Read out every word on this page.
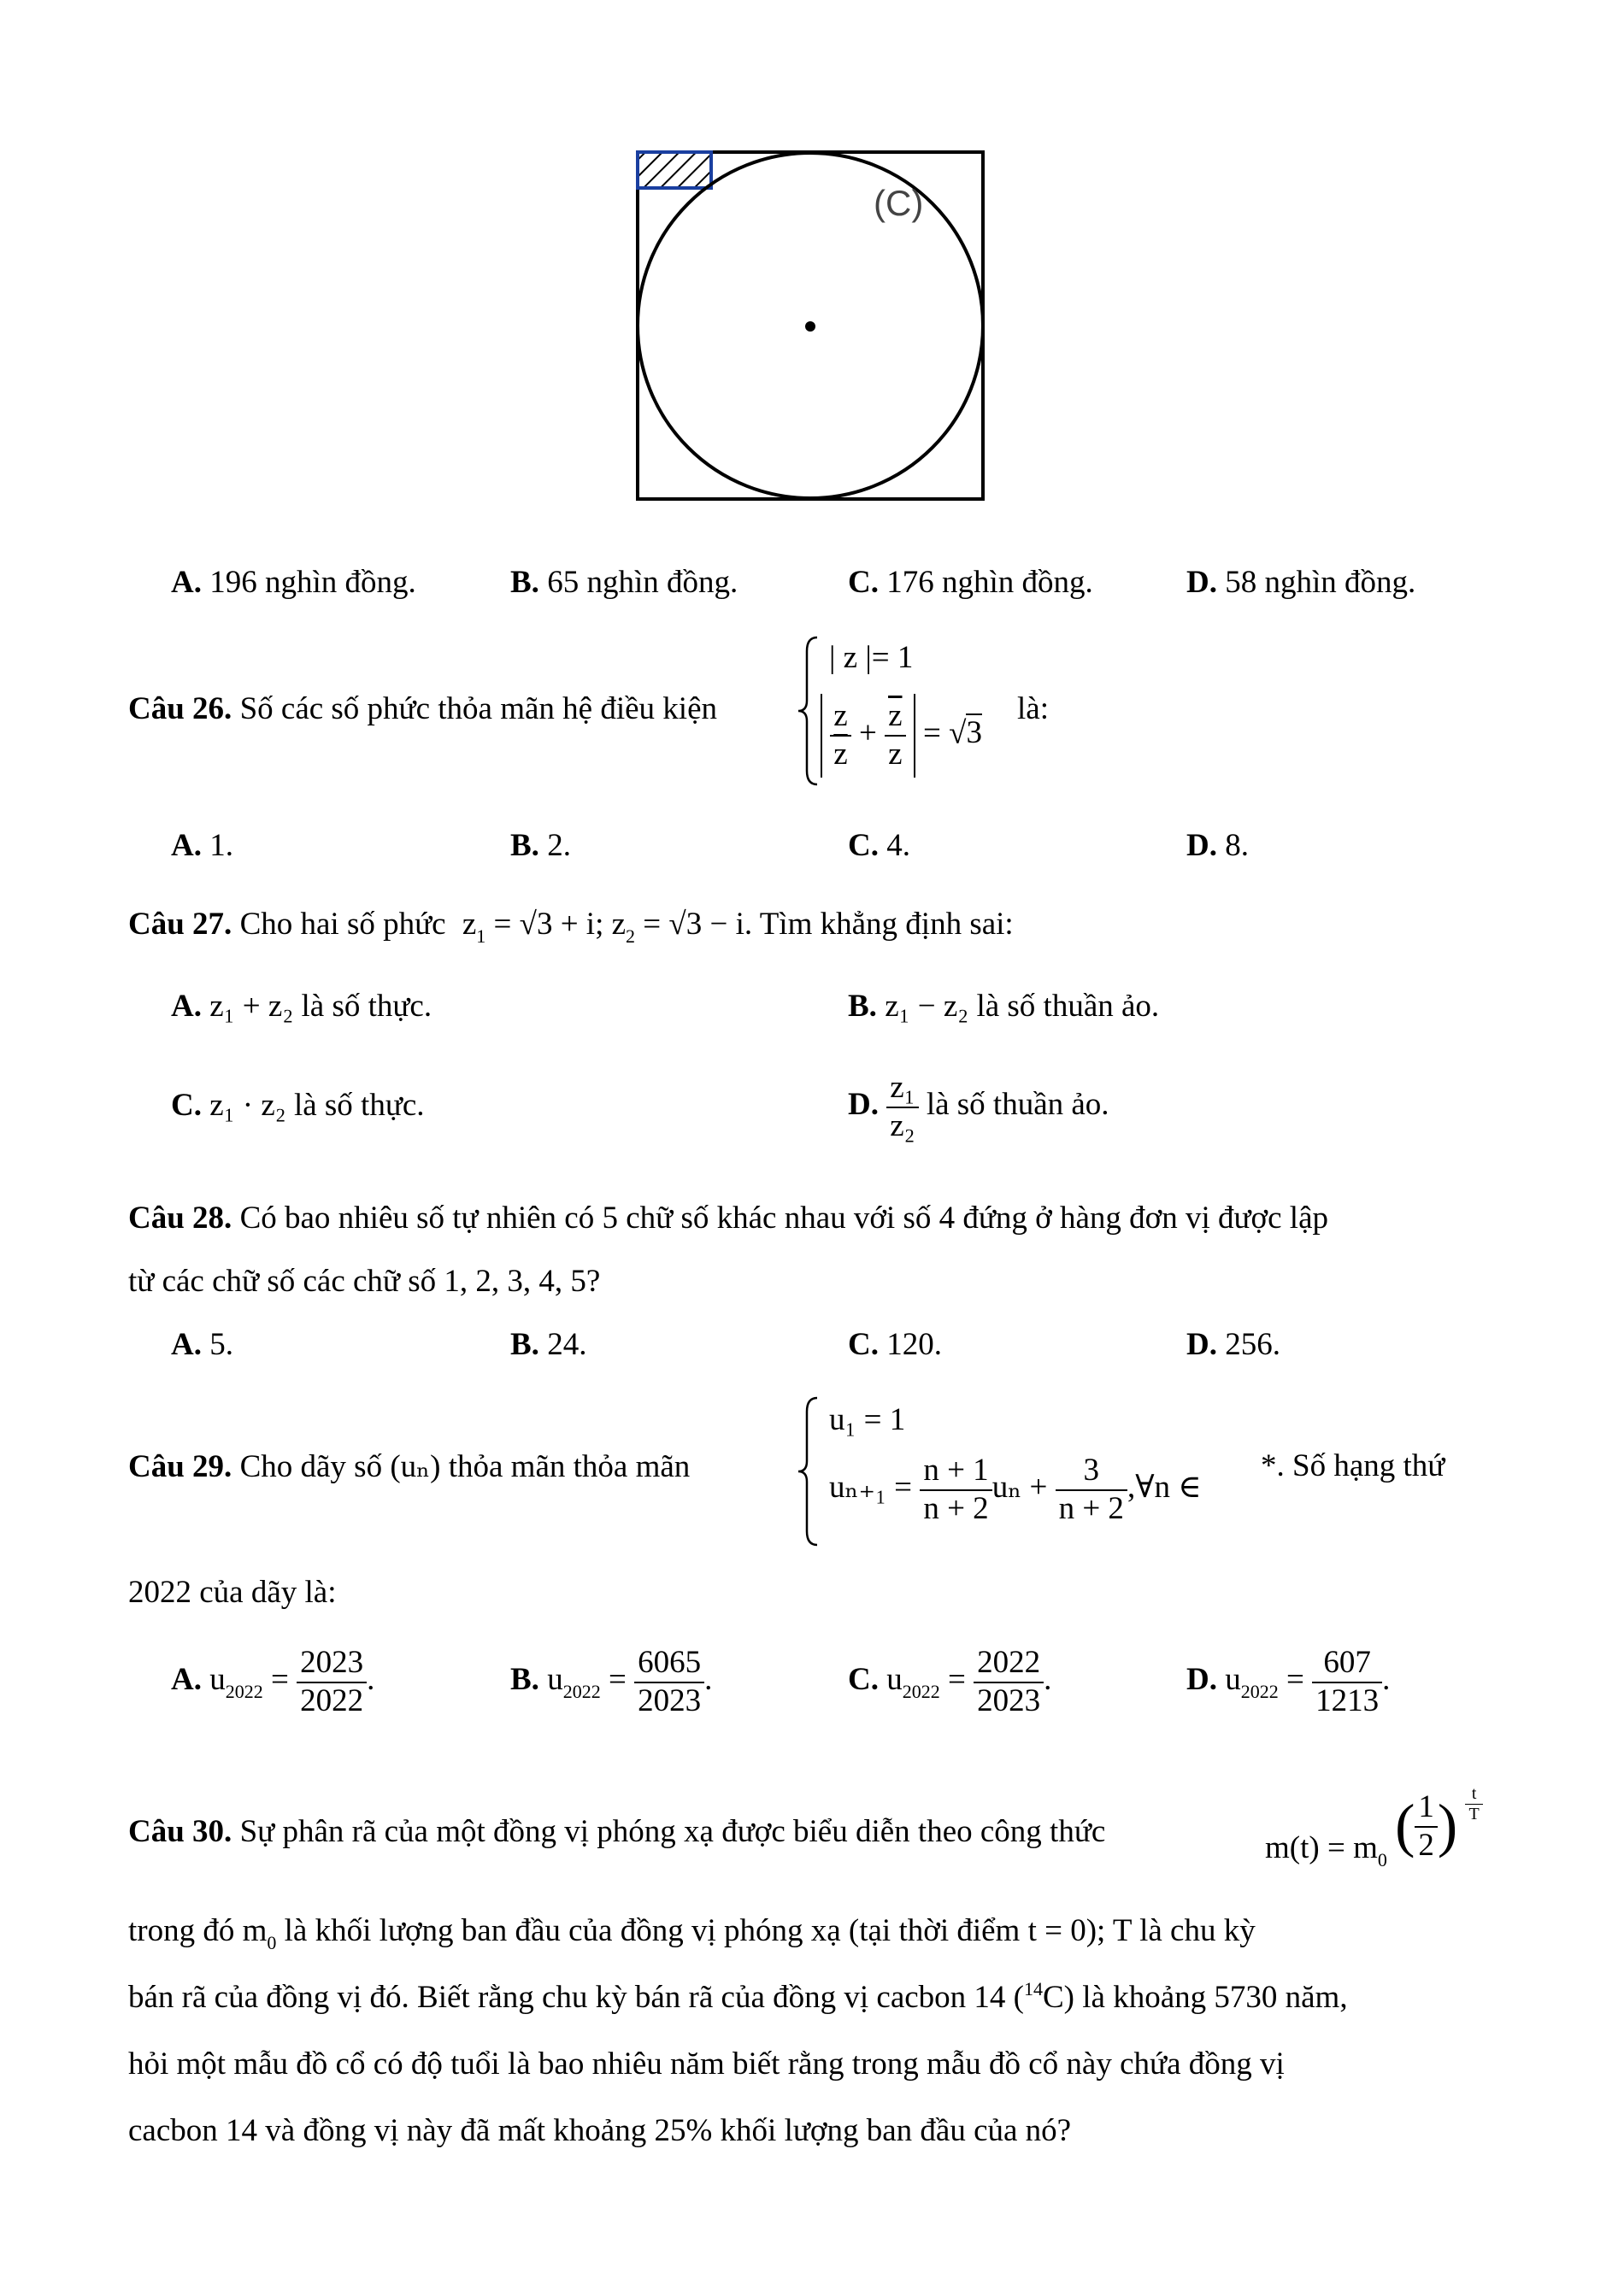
(C)
A. 196 nghìn đồng.	B. 65 nghìn đồng.	C. 176 nghìn đồng.	D. 58 nghìn đồng.
Câu 26. Số các số phức thỏa mãn hệ điều kiện
| z |= 1

$\frac{z}{z} + \frac{\overline{z}}{z} = √3$
là:
A. 1.	B. 2.	C. 4.	D. 8.
Câu 27. Cho hai số phức $z_1 = √3 + i$; $z_2 = √3 - i$. Tìm khẳng định sai:
A. z₁ + z₂ là số thực.	B. z₁ − z₂ là số thuần ảo.
C. z₁ · z₂ là số thực.	D. $\frac{\text{z₁}}{\text{z₂}}$ là số thuần ảo.
Câu 28. Có bao nhiêu số tự nhiên có 5 chữ số khác nhau với số 4 đứng ở hàng đơn vị được lập
từ các chữ số các chữ số 1, 2, 3, 4, 5?
A. 5.	B. 24.	C. 120.	D. 256.
Câu 29. Cho dãy số (uₙ) thỏa mãn thỏa mãn
u₁ = 1
$u_{n+1} = \frac{n + 1}{n + 2}$ $u_n + \frac{3}{n + 2}$ ,∀n ∈
*. Số hạng thứ
2022 của dãy là:
A. $u_{2022} = \frac{2023}{2022}$ .	B. $u_{2022} = \frac{6065}{2023}$ .	C. $u_{2022} = \frac{2022}{2023}$ .	D. $u_{2022} = \frac{607}{1213}$ .
Câu 30. Sự phân rã của một đồng vị phóng xạ được biểu diễn theo công thức	$m(t) = m_0$ ( $\frac{1}{2}$ ) $\frac{t}{T}$
trong đó $m_0$ là khối lượng ban đầu của đồng vị phóng xạ (tại thời điểm t = 0); T là chu kỳ
bán rã của đồng vị đó. Biết rằng chu kỳ bán rã của đồng vị cacbon 14 ($^{14}$C) là khoảng 5730 năm,
hỏi một mẫu đồ cổ có độ tuổi là bao nhiêu năm biết rằng trong mẫu đồ cổ này chứa đồng vị
cacbon 14 và đồng vị này đã mất khoảng 25% khối lượng ban đầu của nó?
